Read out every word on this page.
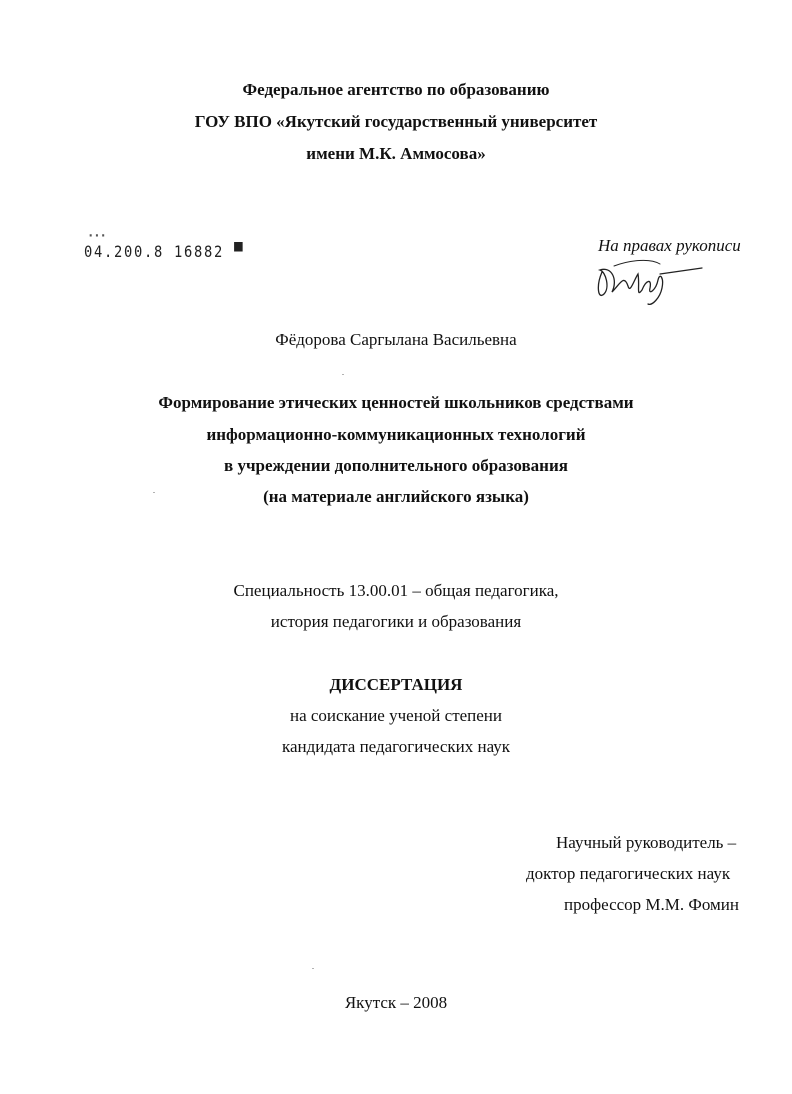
Федеральное агентство по образованию
ГОУ ВПО «Якутский государственный университет
имени М.К. Аммосова»
▪ ▪ ▪
04.200.8 16882 ▀	На правах рукописи
Фёдорова Саргылана Васильевна
Формирование этических ценностей школьников средствами
информационно-коммуникационных технологий
в учреждении дополнительного образования
(на материале английского языка)
Специальность 13.00.01 – общая педагогика,
история педагогики и образования
ДИССЕРТАЦИЯ
на соискание ученой степени
кандидата педагогических наук
Научный руководитель –
доктор педагогических наук
профессор М.М. Фомин
Якутск – 2008
